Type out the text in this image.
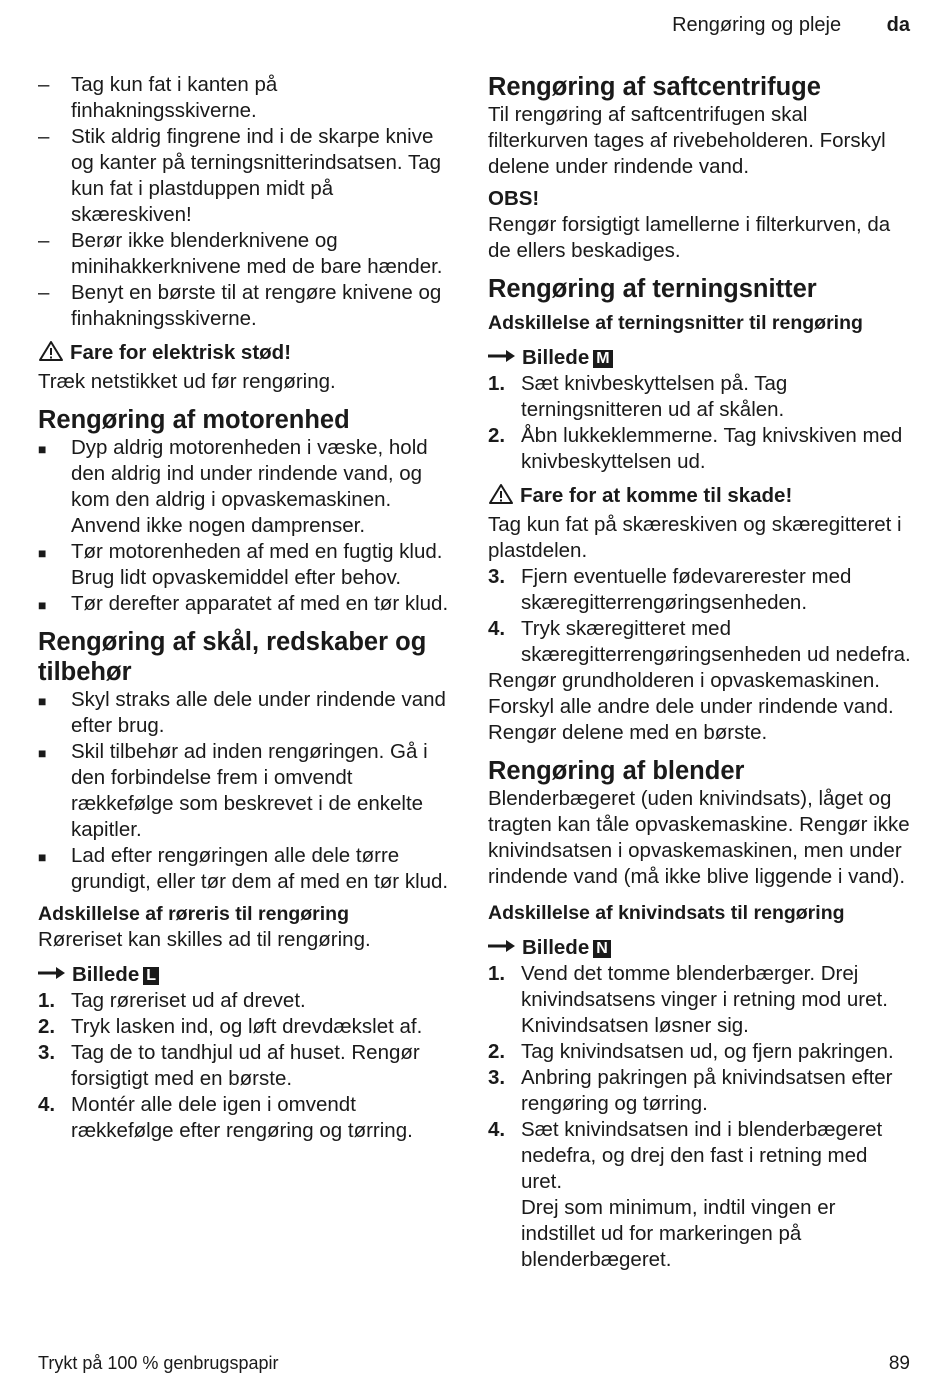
Rengøring og pleje da
– Tag kun fat i kanten på finhakningsskiverne.
– Stik aldrig fingrene ind i de skarpe knive og kanter på terningsnitterindsatsen. Tag kun fat i plastduppen midt på skæreskiven!
– Berør ikke blenderknivene og minihakkerknivene med de bare hænder.
– Benyt en børste til at rengøre knivene og finhakningsskiverne.
Fare for elektrisk stød!

Træk netstikket ud før rengøring.

Rengøring af motorenhed
■ Dyp aldrig motorenheden i væske, hold den aldrig ind under rindende vand, og kom den aldrig i opvaskemaskinen. Anvend ikke nogen damprenser.
■ Tør motorenheden af med en fugtig klud. Brug lidt opvaskemiddel efter behov.
■ Tør derefter apparatet af med en tør klud.
Rengøring af skål, redskaber og tilbehør
■ Skyl straks alle dele under rindende vand efter brug.
■ Skil tilbehør ad inden rengøringen. Gå i den forbindelse frem i omvendt rækkefølge som beskrevet i de enkelte kapitler.
■ Lad efter rengøringen alle dele tørre grundigt, eller tør dem af med en tør klud.
Adskillelse af røreris til rengøring

Røreriset kan skilles ad til rengøring.

Billede L
1. Tag røreriset ud af drevet.
2. Tryk lasken ind, og løft drevdækslet af.
3. Tag de to tandhjul ud af huset. Rengør forsigtigt med en børste.
4. Montér alle dele igen i omvendt rækkefølge efter rengøring og tørring.
Rengøring af saftcentrifuge

Til rengøring af saftcentrifugen skal filterkurven tages af rivebeholderen. Forskyl delene under rindende vand.

OBS!

Rengør forsigtigt lamellerne i filterkurven, da de ellers beskadiges.

Rengøring af terningsnitter
Adskillelse af terningsnitter til rengøring
Billede M
1. Sæt knivbeskyttelsen på. Tag terningsnitteren ud af skålen.
2. Åbn lukkeklemmerne. Tag knivskiven med knivbeskyttelsen ud.
Fare for at komme til skade!

Tag kun fat på skæreskiven og skæregitteret i plastdelen.

3. Fjern eventuelle fødevarerester med skæregitterrengøringsenheden.
4. Tryk skæregitteret med skæregitterrengøringsenheden ud nedefra.

Rengør grundholderen i opvaskemaskinen. Forskyl alle andre dele under rindende vand. Rengør delene med en børste.

Rengøring af blender

Blenderbægeret (uden knivindsats), låget og tragten kan tåle opvaskemaskine. Rengør ikke knivindsatsen i opvaskemaskinen, men under rindende vand (må ikke blive liggende i vand).

Adskillelse af knivindsats til rengøring
Billede N
1. Vend det tomme blenderbærger. Drej knivindsatsens vinger i retning mod uret. Knivindsatsen løsner sig.
2. Tag knivindsatsen ud, og fjern pakringen.
3. Anbring pakringen på knivindsatsen efter rengøring og tørring.
4. Sæt knivindsatsen ind i blenderbægeret nedefra, og drej den fast i retning med uret.
Drej som minimum, indtil vingen er indstillet ud for markeringen på blenderbægeret.
Trykt på 100 % genbrugspapir	89
